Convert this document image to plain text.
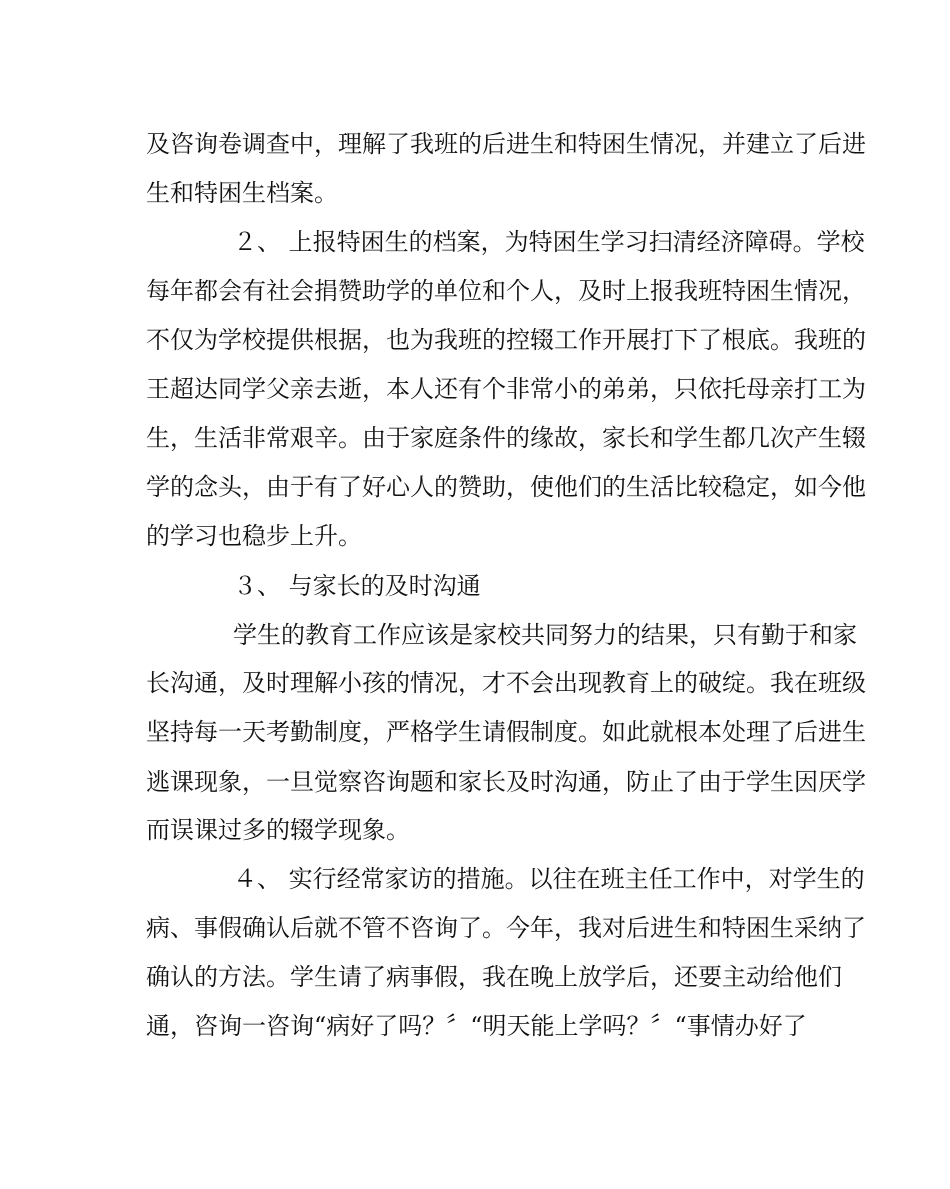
及咨询卷调查中，理解了我班的后进生和特困生情况，并建立了后进

生和特困生档案。

２、 上报特困生的档案，为特困生学习扫清经济障碍。学校

每年都会有社会捐赞助学的单位和个人，及时上报我班特困生情况，

不仅为学校提供根据，也为我班的控辍工作开展打下了根底。我班的

王超达同学父亲去逝，本人还有个非常小的弟弟，只依托母亲打工为

生，生活非常艰辛。由于家庭条件的缘故，家长和学生都几次产生辍

学的念头，由于有了好心人的赞助，使他们的生活比较稳定，如今他

的学习也稳步上升。

３、 与家长的及时沟通

学生的教育工作应该是家校共同努力的结果，只有勤于和家

长沟通，及时理解小孩的情况，才不会出现教育上的破绽。我在班级

坚持每一天考勤制度，严格学生请假制度。如此就根本处理了后进生

逃课现象，一旦觉察咨询题和家长及时沟通，防止了由于学生因厌学

而误课过多的辍学现象。

４、 实行经常家访的措施。以往在班主任工作中，对学生的

病、事假确认后就不管不咨询了。今年，我对后进生和特困生采纳了

确认的方法。学生请了病事假，我在晚上放学后，还要主动给他们

通，咨询一咨询“病好了吗？〞“明天能上学吗？〞“事情办好了
